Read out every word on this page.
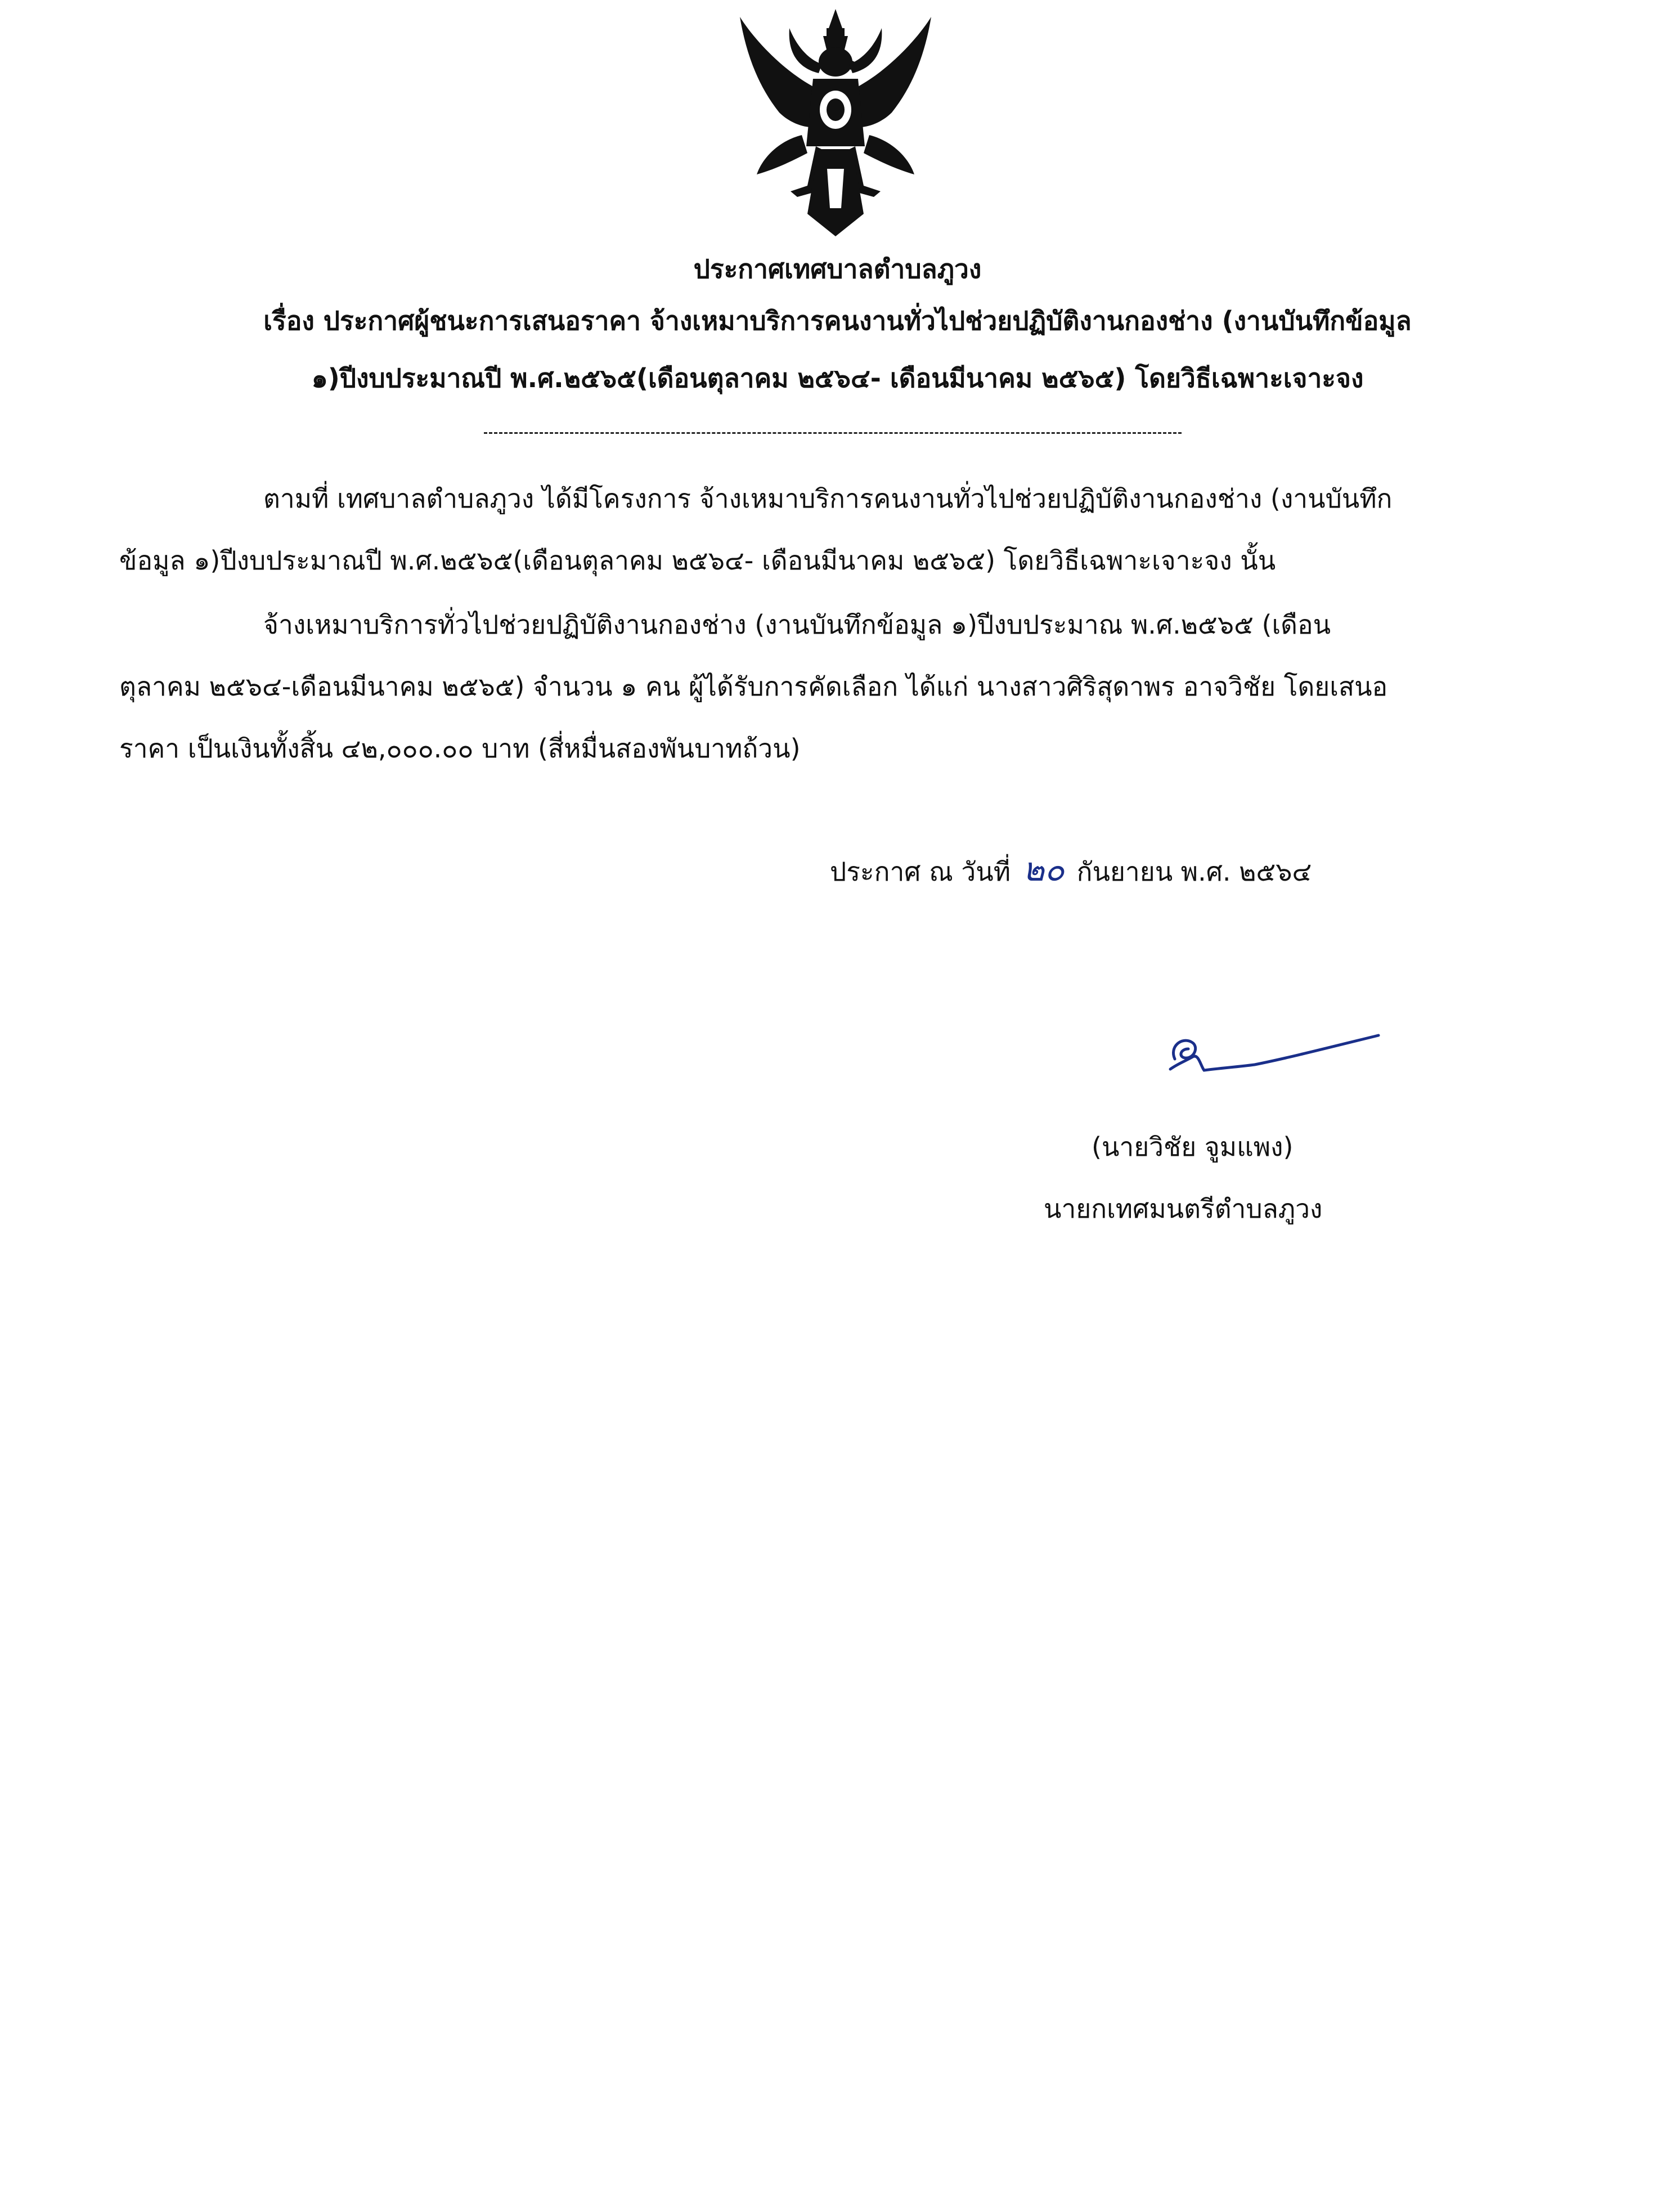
ประกาศเทศบาลตำบลภูวง
เรื่อง ประกาศผู้ชนะการเสนอราคา จ้างเหมาบริการคนงานทั่วไปช่วยปฏิบัติงานกองช่าง (งานบันทึกข้อมูล
๑)ปีงบประมาณปี พ.ศ.๒๕๖๕(เดือนตุลาคม ๒๕๖๔- เดือนมีนาคม ๒๕๖๕) โดยวิธีเฉพาะเจาะจง
ตามที่ เทศบาลตำบลภูวง ได้มีโครงการ จ้างเหมาบริการคนงานทั่วไปช่วยปฏิบัติงานกองช่าง (งานบันทึก
ข้อมูล ๑)ปีงบประมาณปี พ.ศ.๒๕๖๕(เดือนตุลาคม ๒๕๖๔- เดือนมีนาคม ๒๕๖๕) โดยวิธีเฉพาะเจาะจง นั้น
จ้างเหมาบริการทั่วไปช่วยปฏิบัติงานกองช่าง (งานบันทึกข้อมูล ๑)ปีงบประมาณ พ.ศ.๒๕๖๕ (เดือน
ตุลาคม ๒๕๖๔-เดือนมีนาคม ๒๕๖๕) จำนวน ๑ คน ผู้ได้รับการคัดเลือก ได้แก่ นางสาวศิริสุดาพร อาจวิชัย โดยเสนอ
ราคา เป็นเงินทั้งสิ้น ๔๒,๐๐๐.๐๐ บาท (สี่หมื่นสองพันบาทถ้วน)
ประกาศ ณ วันที่ ๒๐ กันยายน พ.ศ. ๒๕๖๔
(นายวิชัย จูมแพง)
นายกเทศมนตรีตำบลภูวง
